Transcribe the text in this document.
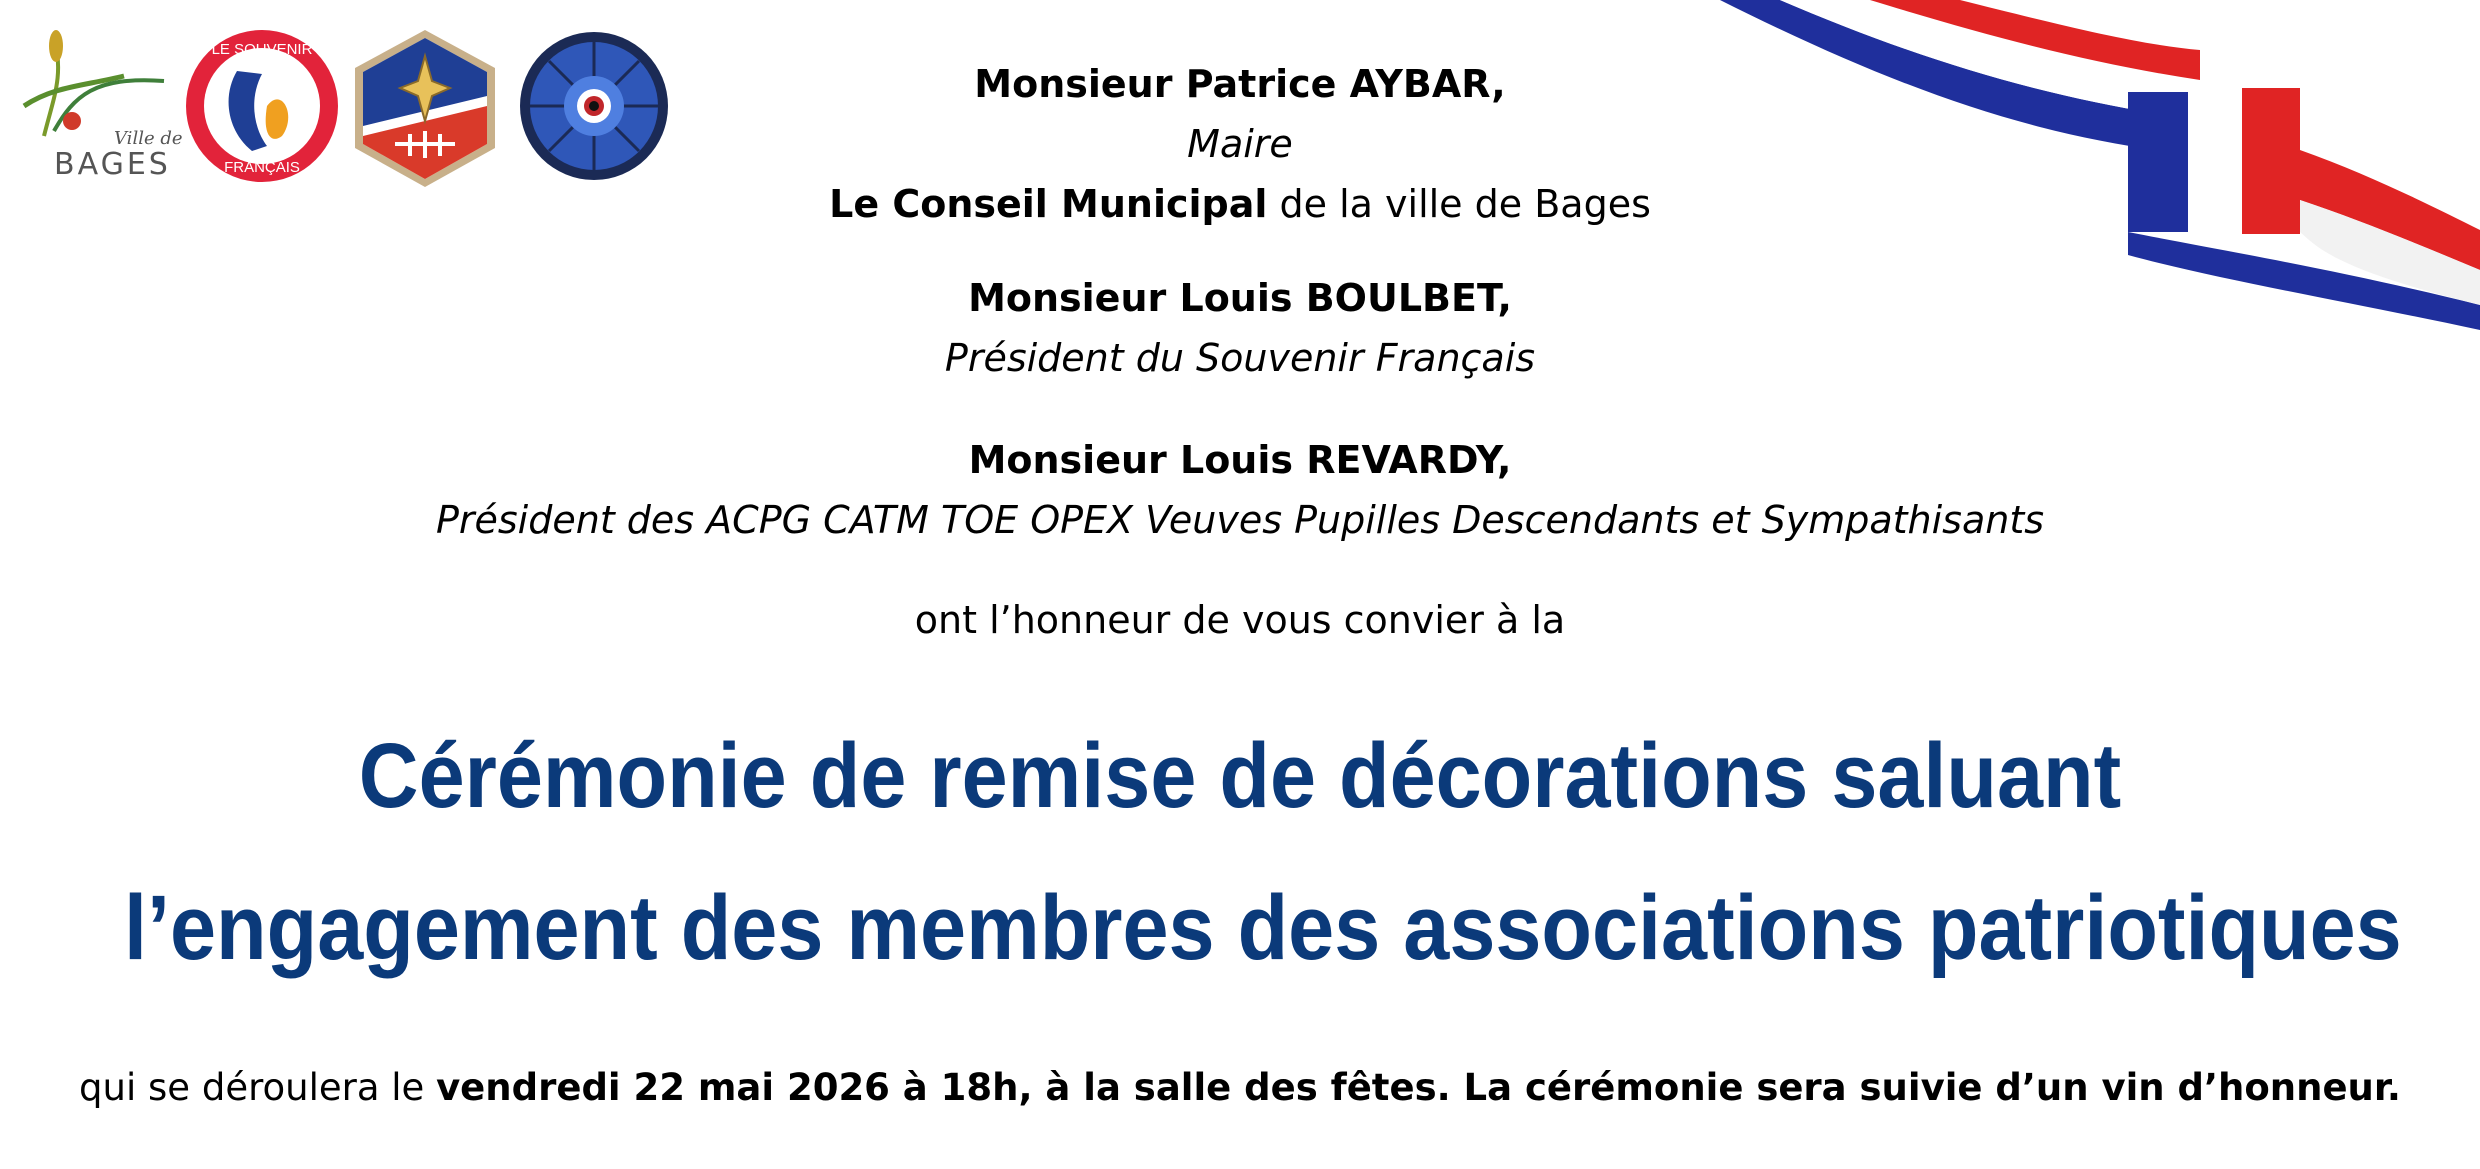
Ville de
BAGES
LE SOUVENIR
FRANÇAIS
Monsieur Patrice AYBAR,
Maire
Le Conseil Municipal de la ville de Bages
Monsieur Louis BOULBET,
Président du Souvenir Français
Monsieur Louis REVARDY,
Président des ACPG CATM TOE OPEX Veuves Pupilles Descendants et Sympathisants
ont l’honneur de vous convier à la
Cérémonie de remise de décorations saluant
l’engagement des membres des associations patriotiques
qui se déroulera le vendredi 22 mai 2026 à 18h, à la salle des fêtes. La cérémonie sera suivie d’un vin d’honneur.
